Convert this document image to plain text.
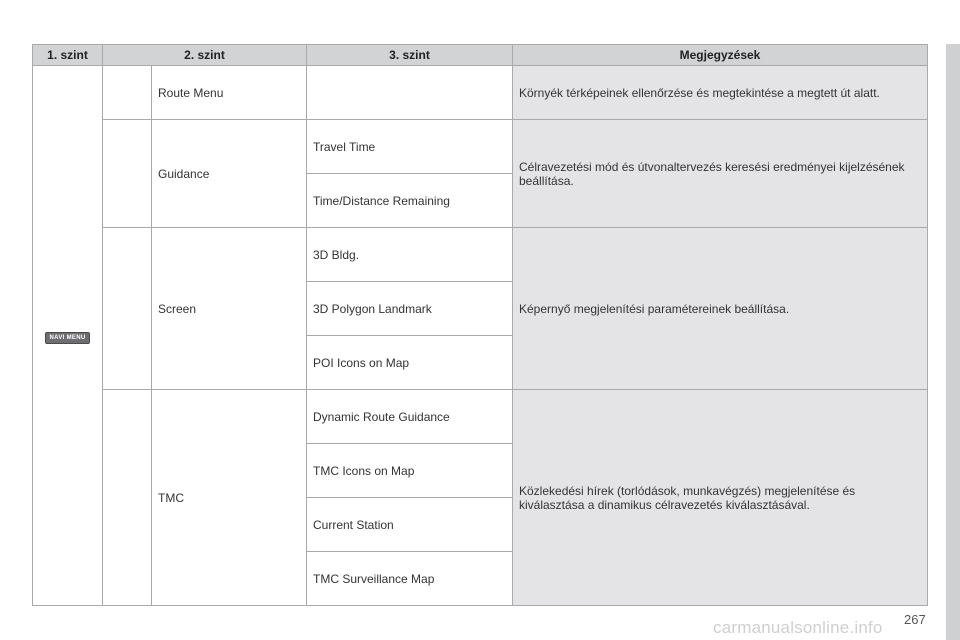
1. szint	2. szint		3. szint	Megjegyzések
NAVI MENU		Route Menu		Környék térképeinek ellenőrzése és megtekintése a megtett út alatt.
		Guidance	Travel Time	Célravezetési mód és útvonaltervezés keresési eredményei kijelzésének beállítása.
			Time/Distance Remaining	
		Screen	3D Bldg.	Képernyő megjelenítési paramétereinek beállítása.
			3D Polygon Landmark	
			POI Icons on Map	
		TMC	Dynamic Route Guidance	Közlekedési hírek (torlódások, munkavégzés) megjelenítése és kiválasztása a dinamikus célravezetés kiválasztásával.
			TMC Icons on Map	
			Current Station	
			TMC Surveillance Map	
carmanualsonline.info 267
